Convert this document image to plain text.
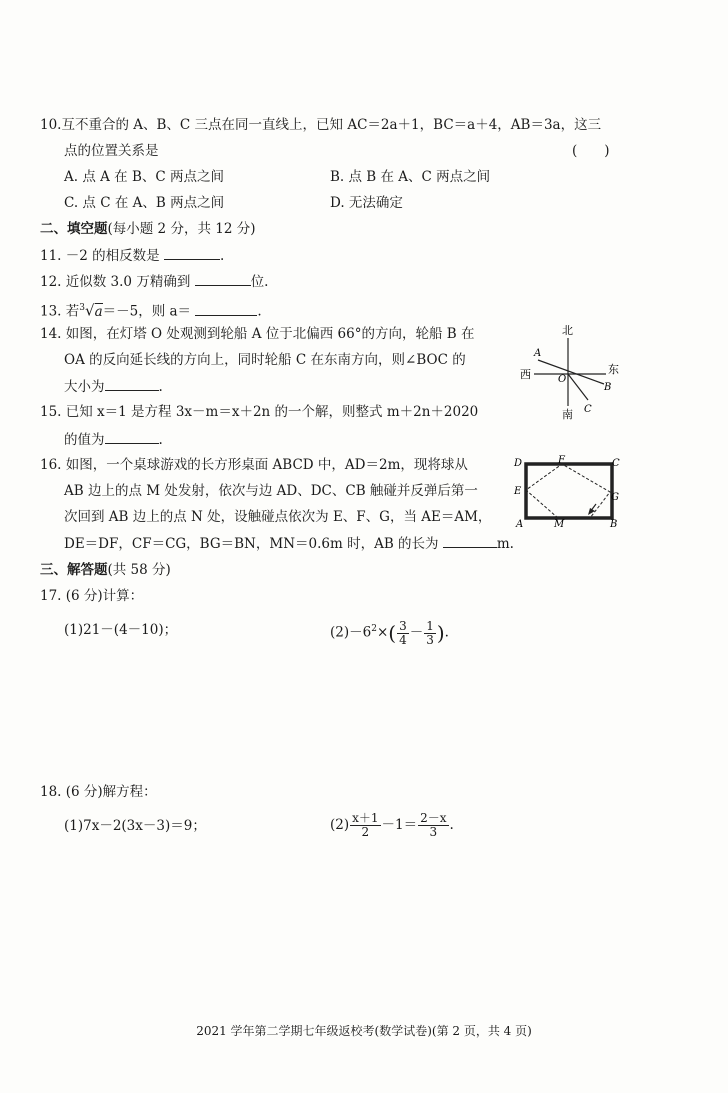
10.互不重合的 A、B、C 三点在同一直线上，已知 AC＝2a＋1，BC＝a＋4，AB＝3a，这三
点的位置关系是	(　　)
A. 点 A 在 B、C 两点之间	B. 点 B 在 A、C 两点之间
C. 点 C 在 A、B 两点之间	D. 无法确定
二、填空题(每小题 2 分，共 12 分)
11. －2 的相反数是	.
12. 近似数 3.0 万精确到	位.
13. 若$^3$√a＝－5，则 a＝	.
14. 如图，在灯塔 O 处观测到轮船 A 位于北偏西 66°的方向，轮船 B 在
OA 的反向延长线的方向上，同时轮船 C 在东南方向，则∠BOC 的
大小为	.
北
南
东
西	O
A
B
C
15. 已知 x＝1 是方程 3x－m＝x＋2n 的一个解，则整式 m＋2n＋2020
的值为	.
16. 如图，一个桌球游戏的长方形桌面 ABCD 中，AD＝2m，现将球从
AB 边上的点 M 处发射，依次与边 AD、DC、CB 触碰并反弹后第一
次回到 AB 边上的点 N 处，设触碰点依次为 E、F、G，当 AE＝AM，
DE＝DF，CF＝CG，BG＝BN，MN＝0.6m 时，AB 的长为	m.
D	F	C
E
G
A	M	B
三、解答题(共 58 分)
17. (6 分)计算：
(1)21－(4－10)；	$(2)-6^2\times( \frac{3}{4} - \frac{1}{3}$ ).
18. (6 分)解方程：
(1)7x－2(3x－3)＝9；	$(2) \frac{x+1}{2} -1= \frac{2-x}{3}$ .
2021 学年第二学期七年级返校考(数学试卷)(第 2 页，共 4 页)
